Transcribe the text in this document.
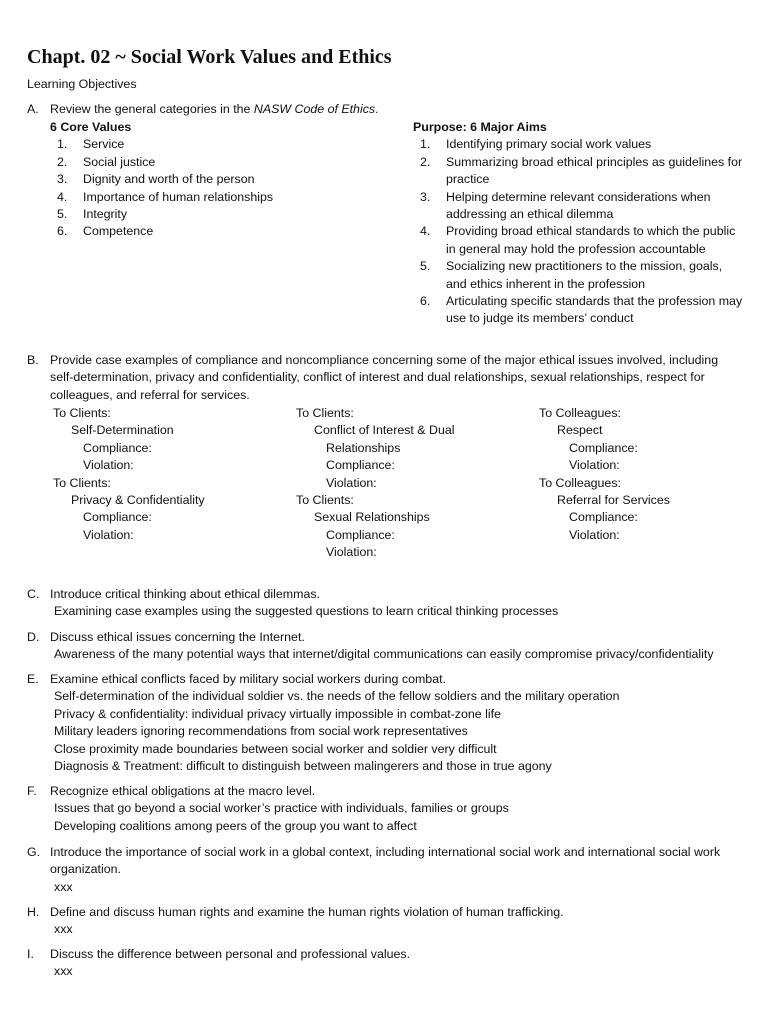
Chapt. 02 ~ Social Work Values and Ethics
Learning Objectives
A. Review the general categories in the NASW Code of Ethics.
6 Core Values
1. Service
2. Social justice
3. Dignity and worth of the person
4. Importance of human relationships
5. Integrity
6. Competence
Purpose: 6 Major Aims
1. Identifying primary social work values
2. Summarizing broad ethical principles as guidelines for practice
3. Helping determine relevant considerations when addressing an ethical dilemma
4. Providing broad ethical standards to which the public in general may hold the profession accountable
5. Socializing new practitioners to the mission, goals, and ethics inherent in the profession
6. Articulating specific standards that the profession may use to judge its members’ conduct
B. Provide case examples of compliance and noncompliance concerning some of the major ethical issues involved, including self-determination, privacy and confidentiality, conflict of interest and dual relationships, sexual relationships, respect for colleagues, and referral for services.
To Clients:
Self-Determination
Compliance:
Violation:
To Clients:
Privacy & Confidentiality
Compliance:
Violation:
To Clients:
Conflict of Interest & Dual
Relationships
Compliance:
Violation:
To Clients:
Sexual Relationships
Compliance:
Violation:
To Colleagues:
Respect
Compliance:
Violation:
To Colleagues:
Referral for Services
Compliance:
Violation:
C. Introduce critical thinking about ethical dilemmas.
Examining case examples using the suggested questions to learn critical thinking processes
D. Discuss ethical issues concerning the Internet.
Awareness of the many potential ways that internet/digital communications can easily compromise privacy/confidentiality
E. Examine ethical conflicts faced by military social workers during combat.
Self-determination of the individual soldier vs. the needs of the fellow soldiers and the military operation
Privacy & confidentiality: individual privacy virtually impossible in combat-zone life
Military leaders ignoring recommendations from social work representatives
Close proximity made boundaries between social worker and soldier very difficult
Diagnosis & Treatment: difficult to distinguish between malingerers and those in true agony
F. Recognize ethical obligations at the macro level.
Issues that go beyond a social worker’s practice with individuals, families or groups
Developing coalitions among peers of the group you want to affect
G. Introduce the importance of social work in a global context, including international social work and international social work organization.
xxx
H. Define and discuss human rights and examine the human rights violation of human trafficking.
xxx
I. Discuss the difference between personal and professional values.
xxx
